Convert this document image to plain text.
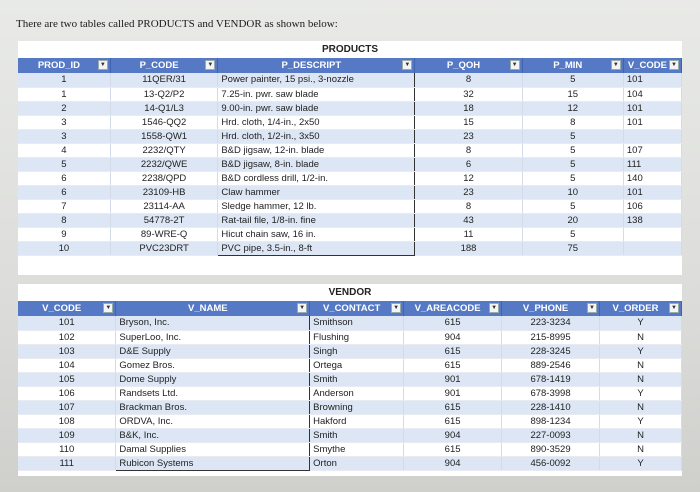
There are two tables called PRODUCTS and VENDOR as shown below:
PRODUCTS
PROD_ID ▼	P_CODE ▼	P_DESCRIPT ▼	P_QOH ▼	P_MIN ▼	V_CODE ▼

1	11QER/31	Power painter, 15 psi., 3-nozzle	8	5	101
1	13-Q2/P2	7.25-in. pwr. saw blade	32	15	104
2	14-Q1/L3	9.00-in. pwr. saw blade	18	12	101
3	1546-QQ2	Hrd. cloth, 1/4-in., 2x50	15	8	101
3	1558-QW1	Hrd. cloth, 1/2-in., 3x50	23	5	
4	2232/QTY	B&D jigsaw, 12-in. blade	8	5	107
5	2232/QWE	B&D jigsaw, 8-in. blade	6	5	111
6	2238/QPD	B&D cordless drill, 1/2-in.	12	5	140
6	23109-HB	Claw hammer	23	10	101
7	23114-AA	Sledge hammer, 12 lb.	8	5	106
8	54778-2T	Rat-tail file, 1/8-in. fine	43	20	138
9	89-WRE-Q	Hicut chain saw, 16 in.	11	5	
10	PVC23DRT	PVC pipe, 3.5-in., 8-ft	188	75	
VENDOR
V_CODE ▼	V_NAME ▼	V_CONTACT ▼	V_AREACODE ▼	V_PHONE ▼	V_ORDER ▼

101	Bryson, Inc.	Smithson	615	223-3234	Y
102	SuperLoo, Inc.	Flushing	904	215-8995	N
103	D&E Supply	Singh	615	228-3245	Y
104	Gomez Bros.	Ortega	615	889-2546	N
105	Dome Supply	Smith	901	678-1419	N
106	Randsets Ltd.	Anderson	901	678-3998	Y
107	Brackman Bros.	Browning	615	228-1410	N
108	ORDVA, Inc.	Hakford	615	898-1234	Y
109	B&K, Inc.	Smith	904	227-0093	N
110	Damal Supplies	Smythe	615	890-3529	N
111	Rubicon Systems	Orton	904	456-0092	Y
